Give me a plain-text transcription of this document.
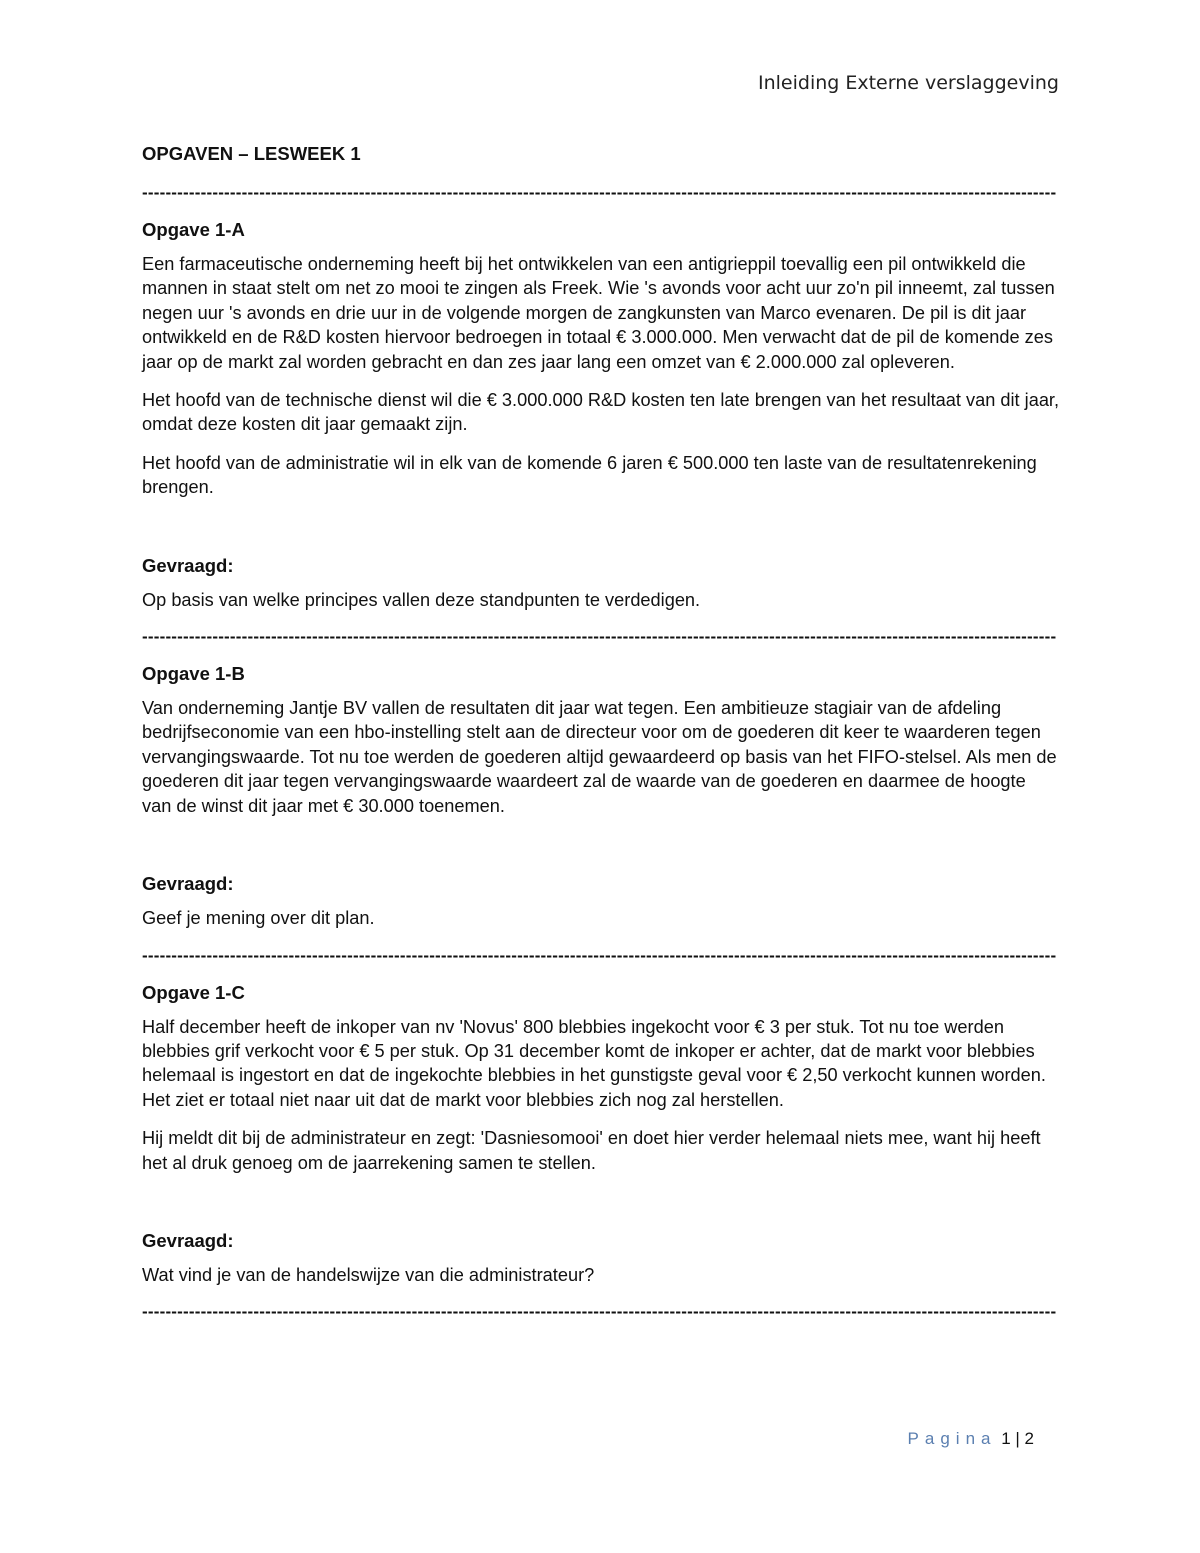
Inleiding Externe verslaggeving
OPGAVEN – LESWEEK 1
-----
Opgave 1-A

Een farmaceutische onderneming heeft bij het ontwikkelen van een antigrieppil toevallig een pil ontwikkeld die mannen in staat stelt om net zo mooi te zingen als Freek. Wie 's avonds voor acht uur zo'n pil inneemt, zal tussen negen uur 's avonds en drie uur in de volgende morgen de zangkunsten van Marco evenaren. De pil is dit jaar ontwikkeld en de R&D kosten hiervoor bedroegen in totaal € 3.000.000. Men verwacht dat de pil de komende zes jaar op de markt zal worden gebracht en dan zes jaar lang een omzet van € 2.000.000 zal opleveren.

Het hoofd van de technische dienst wil die € 3.000.000 R&D kosten ten late brengen van het resultaat van dit jaar, omdat deze kosten dit jaar gemaakt zijn.

Het hoofd van de administratie wil in elk van de komende 6 jaren € 500.000 ten laste van de resultatenrekening brengen.

Gevraagd:

Op basis van welke principes vallen deze standpunten te verdedigen.

-----
Opgave 1-B

Van onderneming Jantje BV vallen de resultaten dit jaar wat tegen. Een ambitieuze stagiair van de afdeling bedrijfseconomie van een hbo-instelling stelt aan de directeur voor om de goederen dit keer te waarderen tegen vervangingswaarde. Tot nu toe werden de goederen altijd gewaardeerd op basis van het FIFO-stelsel. Als men de goederen dit jaar tegen vervangingswaarde waardeert zal de waarde van de goederen en daarmee de hoogte van de winst dit jaar met € 30.000 toenemen.

Gevraagd:

Geef je mening over dit plan.

-----
Opgave 1-C

Half december heeft de inkoper van nv 'Novus' 800 blebbies ingekocht voor € 3 per stuk. Tot nu toe werden blebbies grif verkocht voor € 5 per stuk. Op 31 december komt de inkoper er achter, dat de markt voor blebbies helemaal is ingestort en dat de ingekochte blebbies in het gunstigste geval voor € 2,50 verkocht kunnen worden. Het ziet er totaal niet naar uit dat de markt voor blebbies zich nog zal herstellen.

Hij meldt dit bij de administrateur en zegt: 'Dasniesomooi' en doet hier verder helemaal niets mee, want hij heeft het al druk genoeg om de jaarrekening samen te stellen.

Gevraagd:

Wat vind je van de handelswijze van die administrateur?

-----
Pagina 1 | 2
